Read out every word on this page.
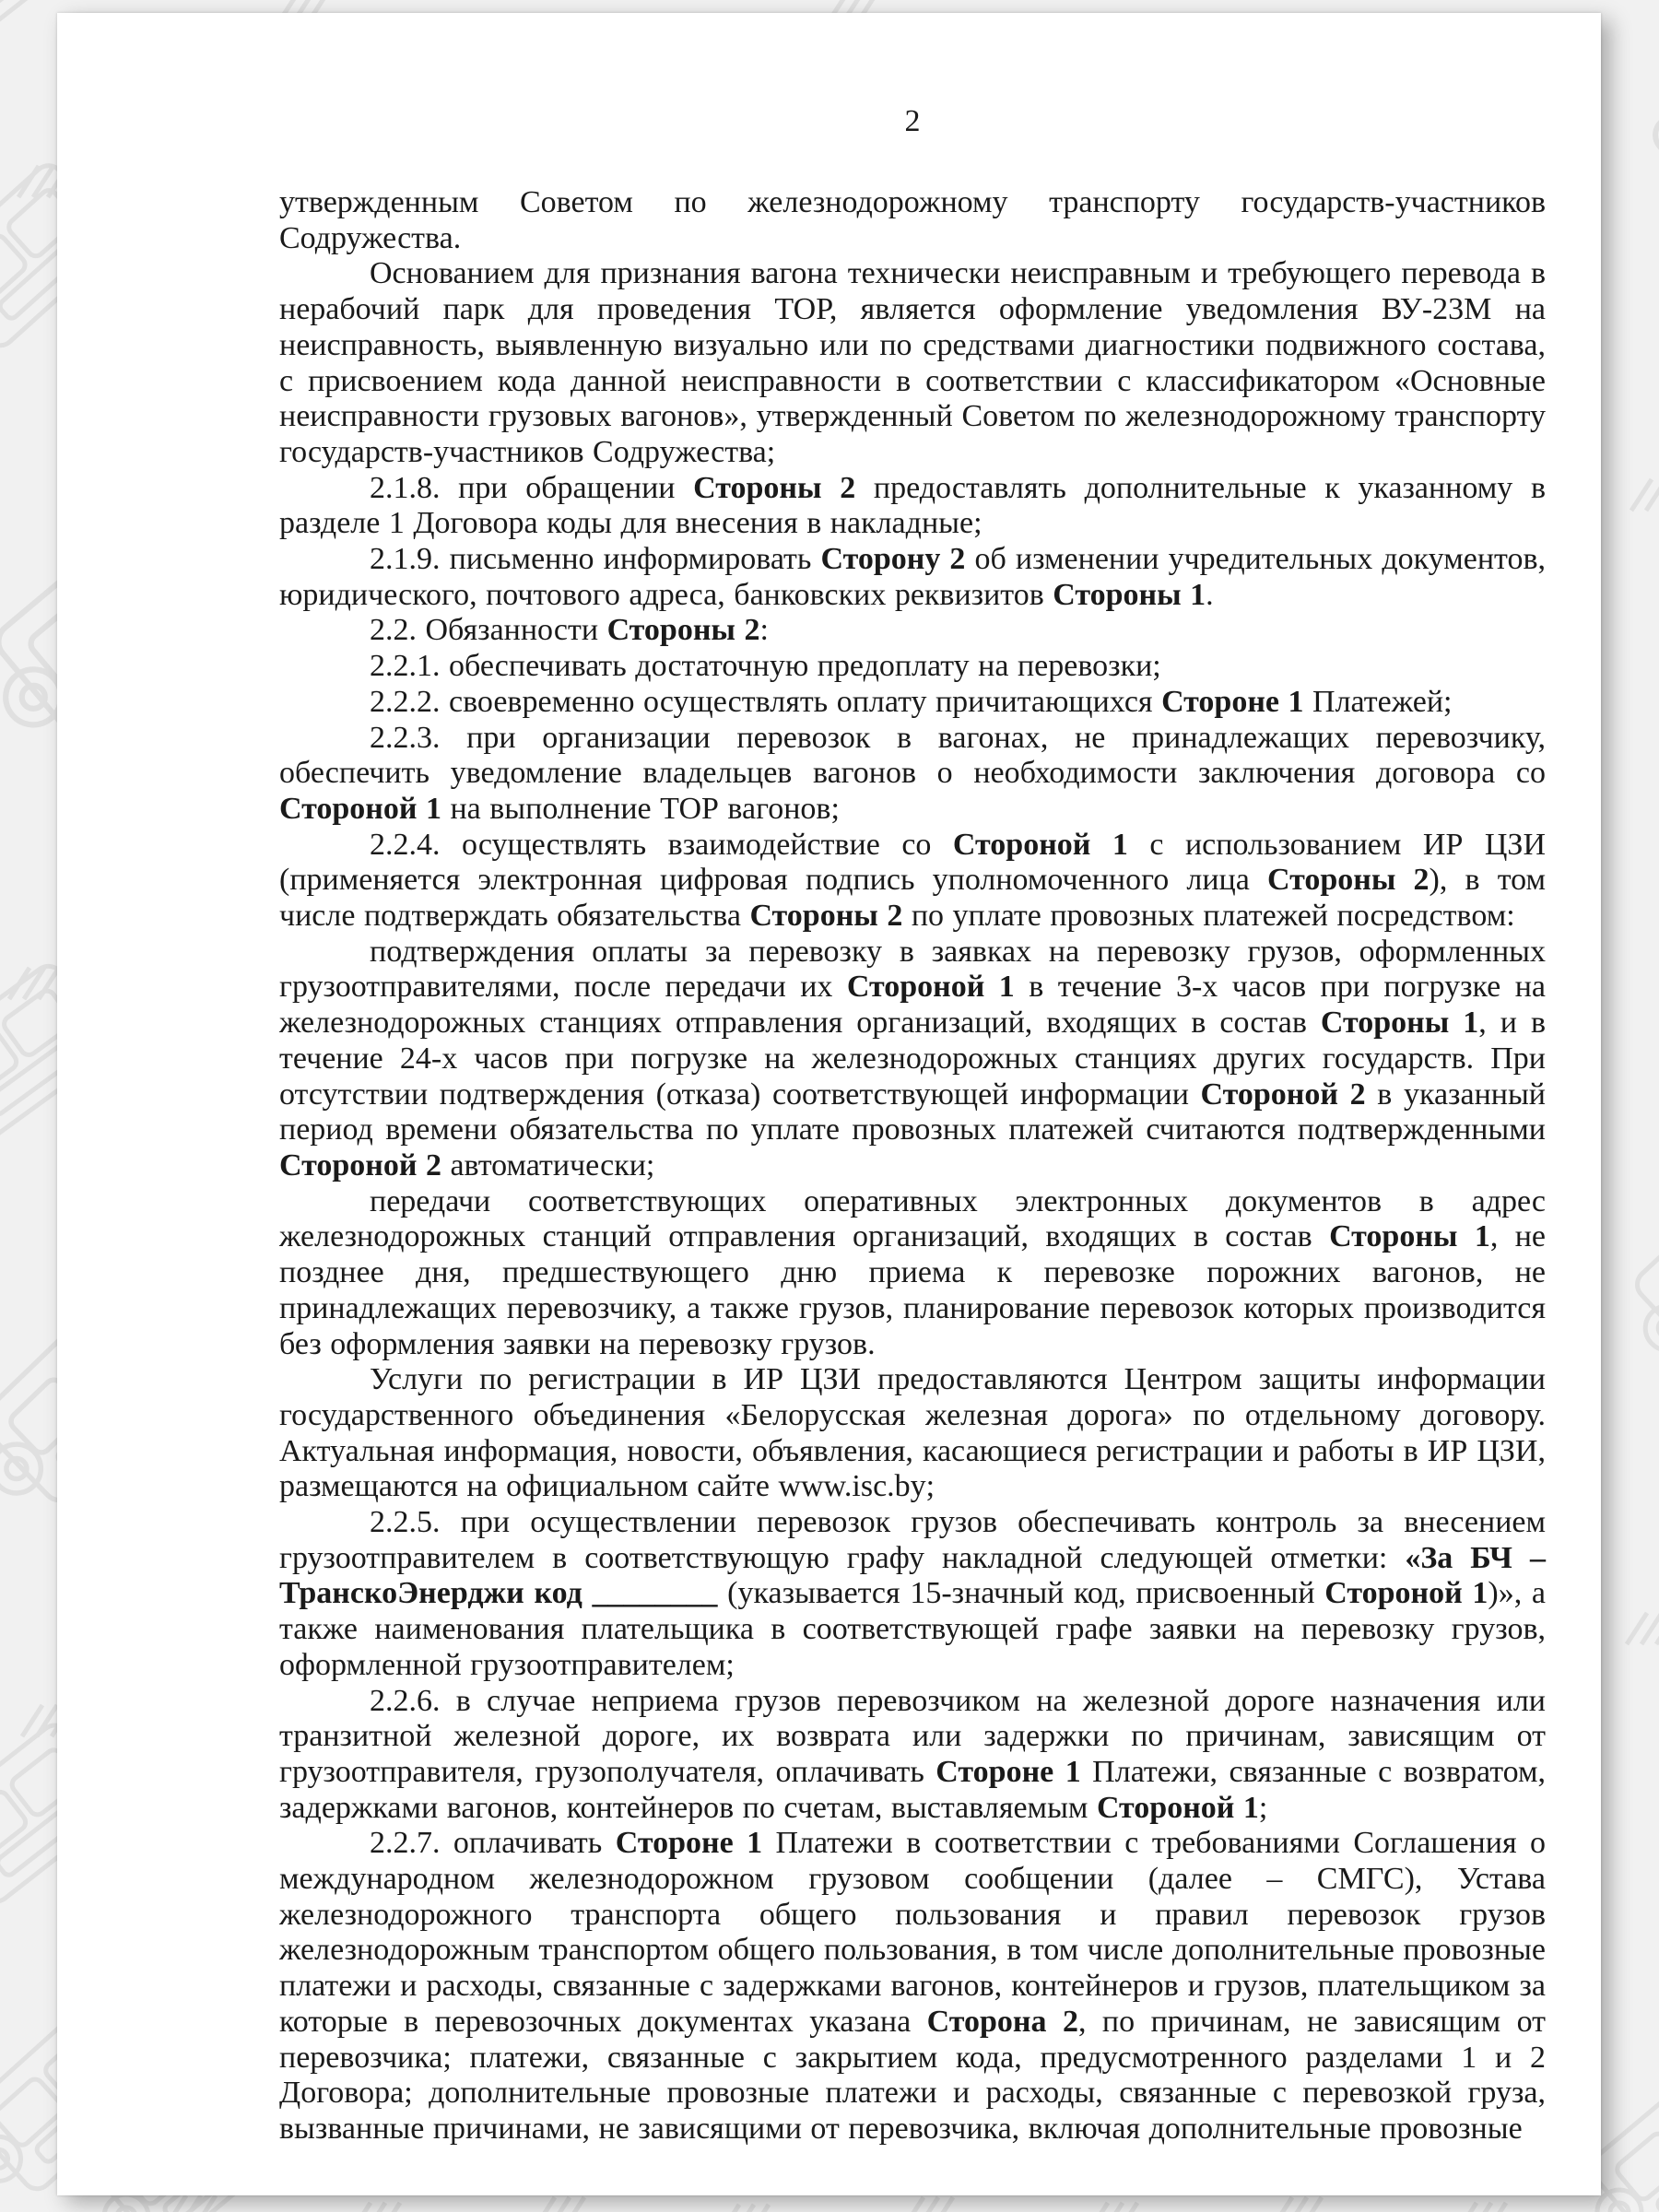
2

утвержденным Советом по железнодорожному транспорту государств-участников Содружества.

Основанием для признания вагона технически неисправным и требующего перевода в нерабочий парк для проведения ТОР, является оформление уведомления ВУ-23М на неисправность, выявленную визуально или по средствами диагностики подвижного состава, с присвоением кода данной неисправности в соответствии с классификатором «Основные неисправности грузовых вагонов», утвержденный Советом по железнодорожному транспорту государств-участников Содружества;

2.1.8. при обращении Стороны 2 предоставлять дополнительные к указанному в разделе 1 Договора коды для внесения в накладные;

2.1.9. письменно информировать Сторону 2 об изменении учредительных документов, юридического, почтового адреса, банковских реквизитов Стороны 1.

2.2. Обязанности Стороны 2:

2.2.1. обеспечивать достаточную предоплату на перевозки;

2.2.2. своевременно осуществлять оплату причитающихся Стороне 1 Платежей;

2.2.3. при организации перевозок в вагонах, не принадлежащих перевозчику, обеспечить уведомление владельцев вагонов о необходимости заключения договора со Стороной 1 на выполнение ТОР вагонов;

2.2.4. осуществлять взаимодействие со Стороной 1 с использованием ИР ЦЗИ (применяется электронная цифровая подпись уполномоченного лица Стороны 2), в том числе подтверждать обязательства Стороны 2 по уплате провозных платежей посредством:

подтверждения оплаты за перевозку в заявках на перевозку грузов, оформленных грузоотправителями, после передачи их Стороной 1 в течение 3-х часов при погрузке на железнодорожных станциях отправления организаций, входящих в состав Стороны 1, и в течение 24-х часов при погрузке на железнодорожных станциях других государств. При отсутствии подтверждения (отказа) соответствующей информации Стороной 2 в указанный период времени обязательства по уплате провозных платежей считаются подтвержденными Стороной 2 автоматически;

передачи соответствующих оперативных электронных документов в адрес железнодорожных станций отправления организаций, входящих в состав Стороны 1, не позднее дня, предшествующего дню приема к перевозке порожних вагонов, не принадлежащих перевозчику, а также грузов, планирование перевозок которых производится без оформления заявки на перевозку грузов.

Услуги по регистрации в ИР ЦЗИ предоставляются Центром защиты информации государственного объединения «Белорусская железная дорога» по отдельному договору. Актуальная информация, новости, объявления, касающиеся регистрации и работы в ИР ЦЗИ, размещаются на официальном сайте www.isc.by;

2.2.5. при осуществлении перевозок грузов обеспечивать контроль за внесением грузоотправителем в соответствующую графу накладной следующей отметки: «За БЧ – ТранскоЭнерджи код ________ (указывается 15-значный код, присвоенный Стороной 1)», а также наименования плательщика в соответствующей графе заявки на перевозку грузов, оформленной грузоотправителем;

2.2.6. в случае неприема грузов перевозчиком на железной дороге назначения или транзитной железной дороге, их возврата или задержки по причинам, зависящим от грузоотправителя, грузополучателя, оплачивать Стороне 1 Платежи, связанные с возвратом, задержками вагонов, контейнеров по счетам, выставляемым Стороной 1;

2.2.7. оплачивать Стороне 1 Платежи в соответствии с требованиями Соглашения о международном железнодорожном грузовом сообщении (далее – СМГС), Устава железнодорожного транспорта общего пользования и правил перевозок грузов железнодорожным транспортом общего пользования, в том числе дополнительные провозные платежи и расходы, связанные с задержками вагонов, контейнеров и грузов, плательщиком за которые в перевозочных документах указана Сторона 2, по причинам, не зависящим от перевозчика; платежи, связанные с закрытием кода, предусмотренного разделами 1 и 2 Договора; дополнительные провозные платежи и расходы, связанные с перевозкой груза, вызванные причинами, не зависящими от перевозчика, включая дополнительные провозные
